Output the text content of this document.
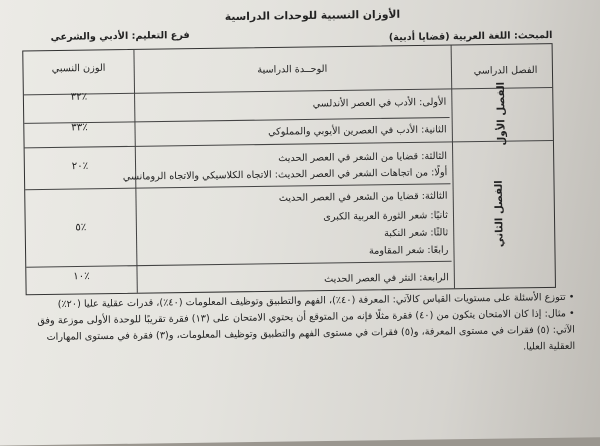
الأوزان النسبية للوحدات الدراسية
فرع التعليم: الأدبي والشرعي	المبحث: اللغة العربية (قضايا أدبية)
الفصل الدراسي
الوحــدة الدراسية
الوزن النسبي
الفصل الأول
الفصل الثاني
الأولى: الأدب في العصر الأندلسي
٣٢٪
الثانية: الأدب في العصرين الأيوبي والمملوكي
٣٣٪
الثالثة: قضايا من الشعر في العصر الحديث
أولًا: من اتجاهات الشعر في العصر الحديث: الاتجاه الكلاسيكي والاتجاه الرومانسي
٢٠٪
الثالثة: قضايا من الشعر في العصر الحديث
ثانيًا: شعر الثورة العربية الكبرى
ثالثًا: شعر النكبة
رابعًا: شعر المقاومة
٥٪
الرابعة: النثر في العصر الحديث
١٠٪

• تتوزع الأسئلة على مستويات القياس كالآتي: المعرفة (٤٠٪)، الفهم والتطبيق وتوظيف المعلومات (٤٠٪)، قدرات عقلية عليا (٢٠٪)

• مثال: إذا كان الامتحان يتكون من (٤٠) فقرة مثلًا فإنه من المتوقع أن يحتوي الامتحان على (١٣) فقرة تقريبًا للوحدة الأولى موزعة وفق

الآتي: (٥) فقرات في مستوى المعرفة، و(٥) فقرات في مستوى الفهم والتطبيق وتوظيف المعلومات، و(٣) فقرة في مستوى المهارات

العقلية العليا.
